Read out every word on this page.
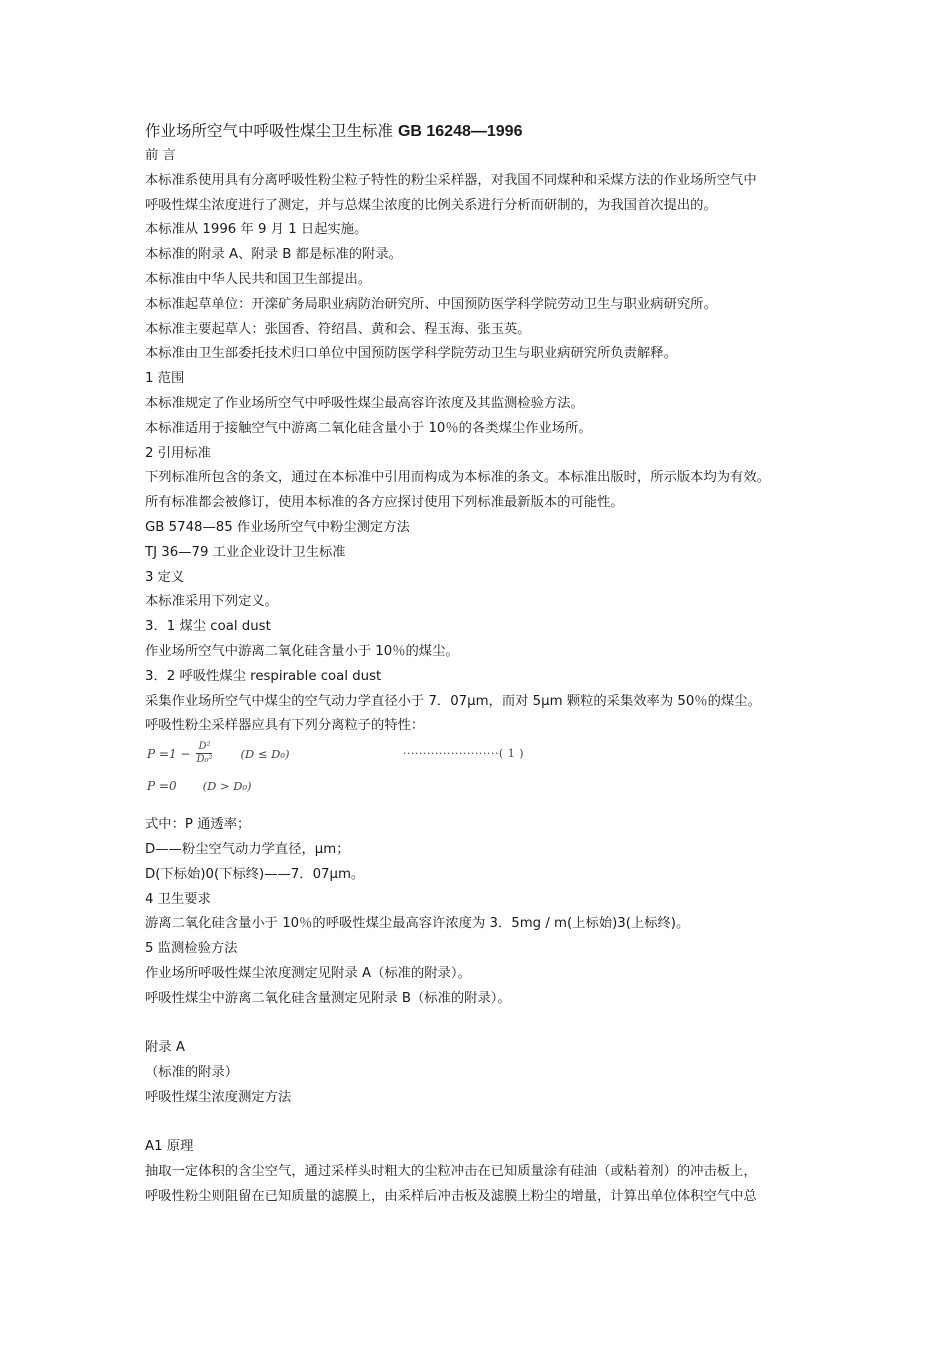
作业场所空气中呼吸性煤尘卫生标准 GB 16248—1996

前 言

本标准系使用具有分离呼吸性粉尘粒子特性的粉尘采样器，对我国不同煤种和采煤方法的作业场所空气中

呼吸性煤尘浓度进行了测定，并与总煤尘浓度的比例关系进行分析而研制的，为我国首次提出的。

本标准从 1996 年 9 月 1 日起实施。

本标准的附录 A、附录 B 都是标准的附录。

本标准由中华人民共和国卫生部提出。

本标准起草单位：开滦矿务局职业病防治研究所、中国预防医学科学院劳动卫生与职业病研究所。

本标准主要起草人：张国香、符绍昌、黄和会、程玉海、张玉英。

本标准由卫生部委托技术归口单位中国预防医学科学院劳动卫生与职业病研究所负责解释。

1 范围

本标准规定了作业场所空气中呼吸性煤尘最高容许浓度及其监测检验方法。

本标准适用于接触空气中游离二氧化硅含量小于 10％的各类煤尘作业场所。

2 引用标准

下列标准所包含的条文，通过在本标准中引用而构成为本标准的条文。本标准出版时，所示版本均为有效。

所有标准都会被修订，使用本标准的各方应探讨使用下列标准最新版本的可能性。

GB 5748—85 作业场所空气中粉尘测定方法

TJ 36—79 工业企业设计卫生标准

3 定义

本标准采用下列定义。

3．1 煤尘 coal dust

作业场所空气中游离二氧化硅含量小于 10％的煤尘。

3．2 呼吸性煤尘 respirable coal dust

采集作业场所空气中煤尘的空气动力学直径小于 7．07μm，而对 5μm 颗粒的采集效率为 50％的煤尘。

呼吸性粉尘采样器应具有下列分离粒子的特性：

$P =1 - \frac{\text{D²}}{\text{D₀²}} (D \le D_0)$	························( 1 )
P =0 (D > D₀)

式中：P 通透率；

D——粉尘空气动力学直径，μm；

D(下标始)0(下标终)——7．07μm。

4 卫生要求

游离二氧化硅含量小于 10％的呼吸性煤尘最高容许浓度为 3．5mg / m(上标始)3(上标终)。

5 监测检验方法

作业场所呼吸性煤尘浓度测定见附录 A（标准的附录）。

呼吸性煤尘中游离二氧化硅含量测定见附录 B（标准的附录）。

附录 A

（标准的附录）

呼吸性煤尘浓度测定方法

A1 原理

抽取一定体积的含尘空气，通过采样头时粗大的尘粒冲击在已知质量涂有硅油（或粘着剂）的冲击板上，

呼吸性粉尘则阻留在已知质量的滤膜上，由采样后冲击板及滤膜上粉尘的增量，计算出单位体积空气中总
